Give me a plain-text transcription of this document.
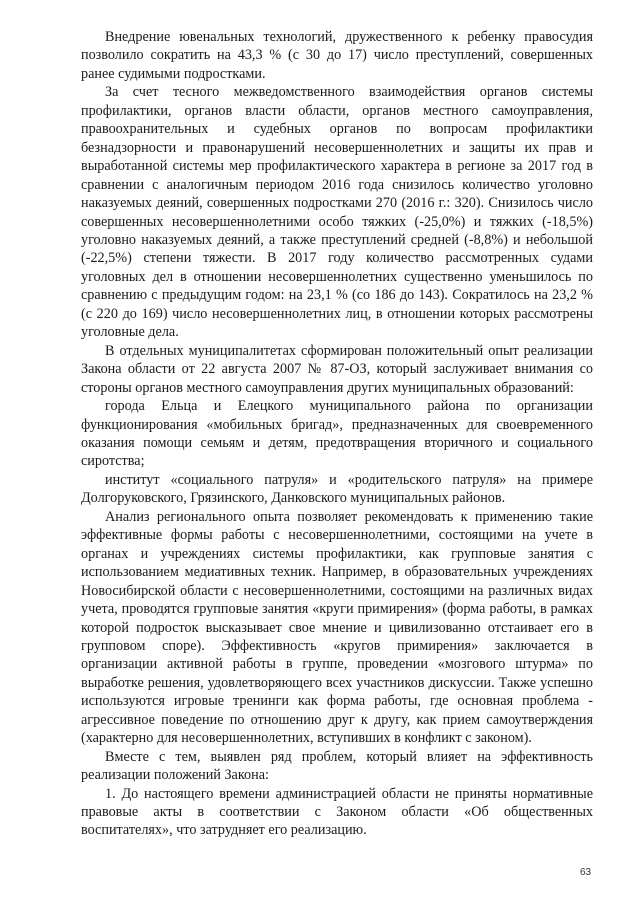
Внедрение ювенальных технологий, дружественного к ребенку правосудия позволило сократить на 43,3 % (с 30 до 17) число преступлений, совершенных ранее судимыми подростками.

За счет тесного межведомственного взаимодействия органов системы профилактики, органов власти области, органов местного самоуправления, правоохранительных и судебных органов по вопросам профилактики безнадзорности и правонарушений несовершеннолетних и защиты их прав и выработанной системы мер профилактического характера в регионе за 2017 год в сравнении с аналогичным периодом 2016 года снизилось количество уголовно наказуемых деяний, совершенных подростками 270 (2016 г.: 320). Снизилось число совершенных несовершеннолетними особо тяжких (-25,0%) и тяжких (-18,5%) уголовно наказуемых деяний, а также преступлений средней (-8,8%) и небольшой (-22,5%) степени тяжести. В 2017 году количество рассмотренных судами уголовных дел в отношении несовершеннолетних существенно уменьшилось по сравнению с предыдущим годом: на 23,1 % (со 186 до 143). Сократилось на 23,2 % (с 220 до 169) число несовершеннолетних лиц, в отношении которых рассмотрены уголовные дела.

В отдельных муниципалитетах сформирован положительный опыт реализации Закона области от 22 августа 2007 № 87-ОЗ, который заслуживает внимания со стороны органов местного самоуправления других муниципальных образований:

города Ельца и Елецкого муниципального района по организации функционирования «мобильных бригад», предназначенных для своевременного оказания помощи семьям и детям, предотвращения вторичного и социального сиротства;

институт «социального патруля» и «родительского патруля» на примере Долгоруковского, Грязинского, Данковского муниципальных районов.

Анализ регионального опыта позволяет рекомендовать к применению такие эффективные формы работы с несовершеннолетними, состоящими на учете в органах и учреждениях системы профилактики, как групповые занятия с использованием медиативных техник. Например, в образовательных учреждениях Новосибирской области с несовершеннолетними, состоящими на различных видах учета, проводятся групповые занятия «круги примирения» (форма работы, в рамках которой подросток высказывает свое мнение и цивилизованно отстаивает его в групповом споре). Эффективность «кругов примирения» заключается в организации активной работы в группе, проведении «мозгового штурма» по выработке решения, удовлетворяющего всех участников дискуссии. Также успешно используются игровые тренинги как форма работы, где основная проблема - агрессивное поведение по отношению друг к другу, как прием самоутверждения (характерно для несовершеннолетних, вступивших в конфликт с законом).

Вместе с тем, выявлен ряд проблем, который влияет на эффективность реализации положений Закона:

1. До настоящего времени администрацией области не приняты нормативные правовые акты в соответствии с Законом области «Об общественных воспитателях», что затрудняет его реализацию.

63
